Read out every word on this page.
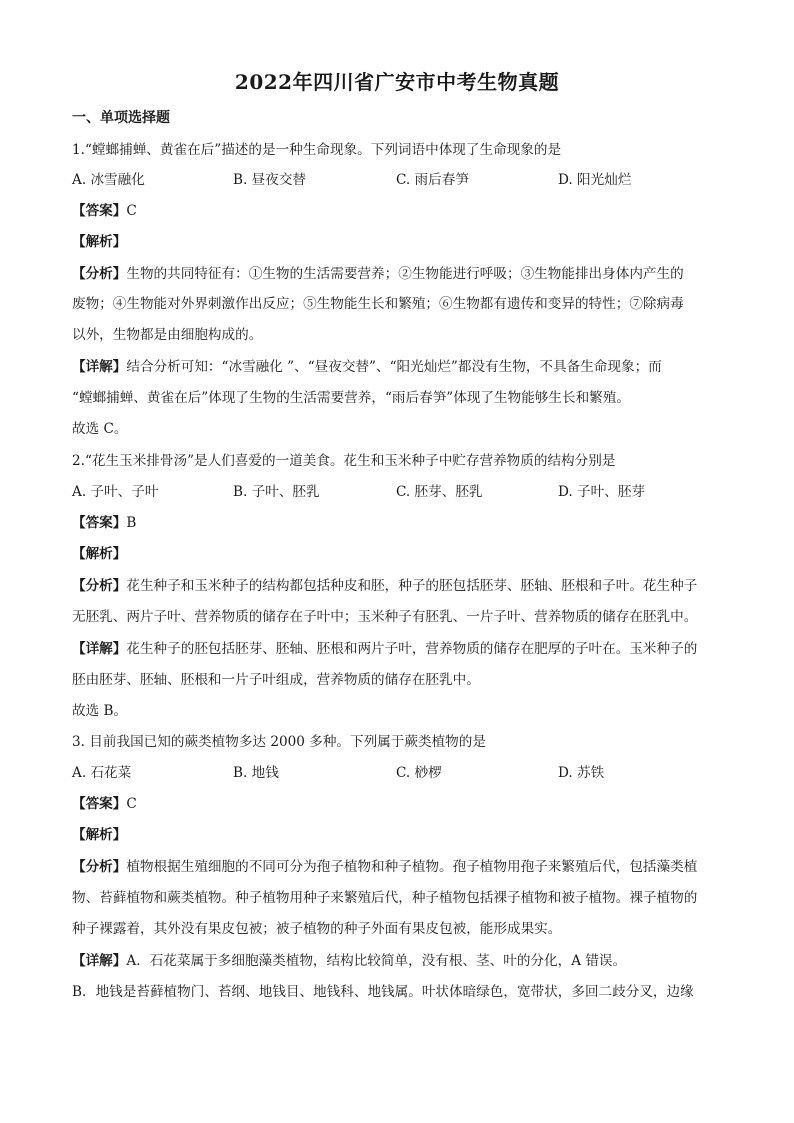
2022年四川省广安市中考生物真题
一、单项选择题
1.“螳螂捕蝉、黄雀在后”描述的是一种生命现象。下列词语中体现了生命现象的是
A. 冰雪融化	B. 昼夜交替	C. 雨后春笋	D. 阳光灿烂
【答案】C
【解析】
【分析】生物的共同特征有：①生物的生活需要营养；②生物能进行呼吸；③生物能排出身体内产生的
废物；④生物能对外界刺激作出反应；⑤生物能生长和繁殖；⑥生物都有遗传和变异的特性；⑦除病毒
以外，生物都是由细胞构成的。
【详解】结合分析可知：“冰雪融化 ”、“昼夜交替”、“阳光灿烂”都没有生物，不具备生命现象；而
“螳螂捕蝉、黄雀在后”体现了生物的生活需要营养，“雨后春笋”体现了生物能够生长和繁殖。
故选 C。
2.“花生玉米排骨汤”是人们喜爱的一道美食。花生和玉米种子中贮存营养物质的结构分别是
A. 子叶、子叶	B. 子叶、胚乳	C. 胚芽、胚乳	D. 子叶、胚芽
【答案】B
【解析】
【分析】花生种子和玉米种子的结构都包括种皮和胚，种子的胚包括胚芽、胚轴、胚根和子叶。花生种子
无胚乳、两片子叶、营养物质的储存在子叶中；玉米种子有胚乳、一片子叶、营养物质的储存在胚乳中。
【详解】花生种子的胚包括胚芽、胚轴、胚根和两片子叶，营养物质的储存在肥厚的子叶在。玉米种子的
胚由胚芽、胚轴、胚根和一片子叶组成，营养物质的储存在胚乳中。
故选 B。
3. 目前我国已知的蕨类植物多达 2000 多种。下列属于蕨类植物的是
A. 石花菜	B. 地钱	C. 桫椤	D. 苏铁
【答案】C
【解析】
【分析】植物根据生殖细胞的不同可分为孢子植物和种子植物。孢子植物用孢子来繁殖后代，包括藻类植
物、苔藓植物和蕨类植物。种子植物用种子来繁殖后代，种子植物包括裸子植物和被子植物。裸子植物的
种子裸露着，其外没有果皮包被；被子植物的种子外面有果皮包被，能形成果实。
【详解】A．石花菜属于多细胞藻类植物，结构比较简单，没有根、茎、叶的分化，A 错误。
B．地钱是苔藓植物门、苔纲、地钱目、地钱科、地钱属。叶状体暗绿色，宽带状，多回二歧分叉，边缘
